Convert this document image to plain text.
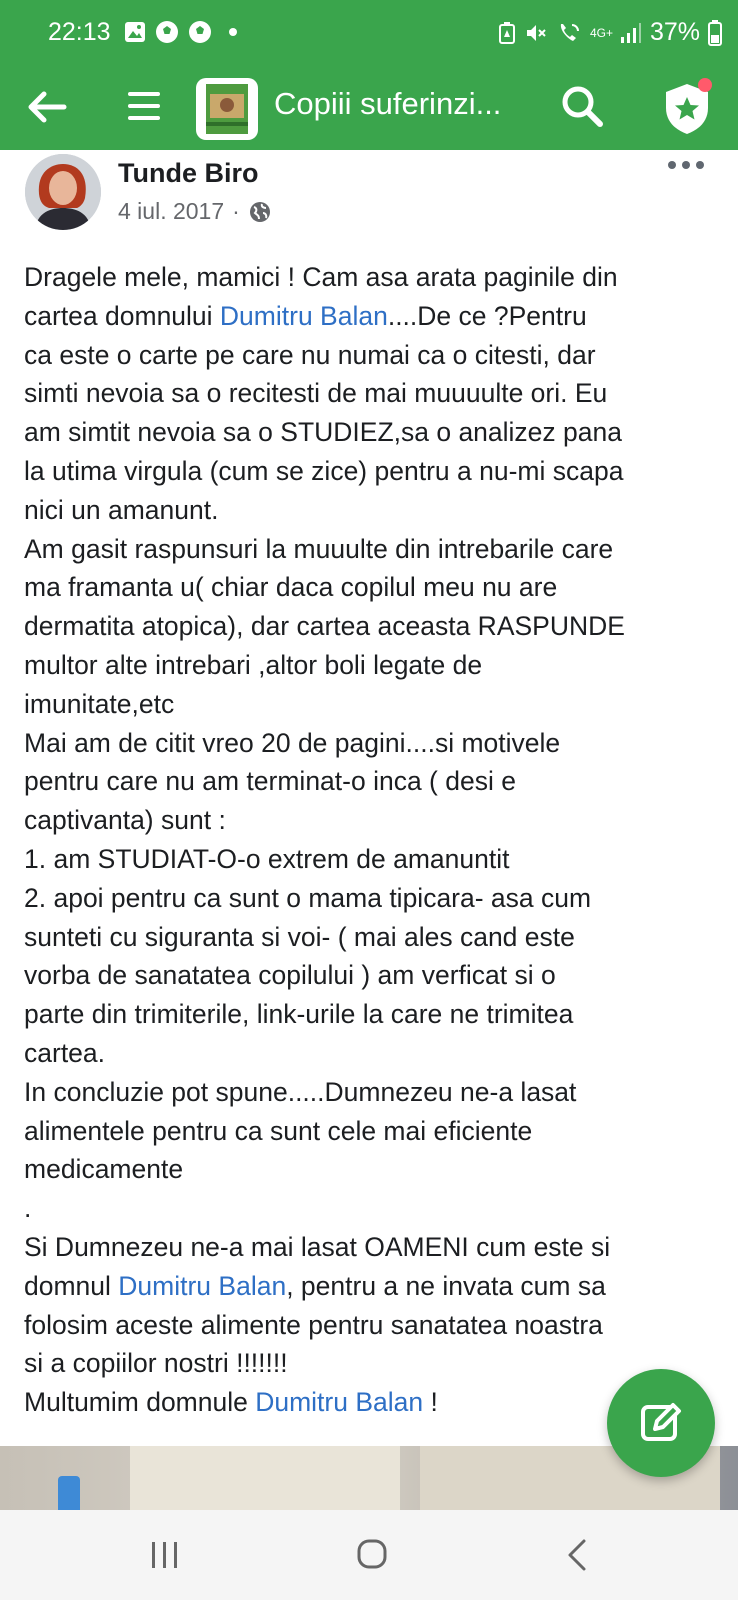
22:13	4G+ 37%
Copiii suferinzi...
Tunde Biro
4 iul. 2017 ·
Dragele mele, mamici ! Cam asa arata paginile din
cartea domnului Dumitru Balan....De ce ?Pentru
ca este o carte pe care nu numai ca o citesti, dar
simti nevoia sa o recitesti de mai muuuulte ori. Eu
am simtit nevoia sa o STUDIEZ,sa o analizez pana
la utima virgula (cum se zice) pentru a nu-mi scapa
nici un amanunt.
Am gasit raspunsuri la muuulte din intrebarile care
ma framanta u( chiar daca copilul meu nu are
dermatita atopica), dar cartea aceasta RASPUNDE
multor alte intrebari ,altor boli legate de
imunitate,etc
Mai am de citit vreo 20 de pagini....si motivele
pentru care nu am terminat-o inca ( desi e
captivanta) sunt :
1. am STUDIAT-O-o extrem de amanuntit
2. apoi pentru ca sunt o mama tipicara- asa cum
sunteti cu siguranta si voi- ( mai ales cand este
vorba de sanatatea copilului ) am verficat si o
parte din trimiterile, link-urile la care ne trimitea
cartea.
In concluzie pot spune.....Dumnezeu ne-a lasat
alimentele pentru ca sunt cele mai eficiente
medicamente
.
Si Dumnezeu ne-a mai lasat OAMENI cum este si
domnul Dumitru Balan, pentru a ne invata cum sa
folosim aceste alimente pentru sanatatea noastra
si a copiilor nostri !!!!!!!
Multumim domnule Dumitru Balan !
